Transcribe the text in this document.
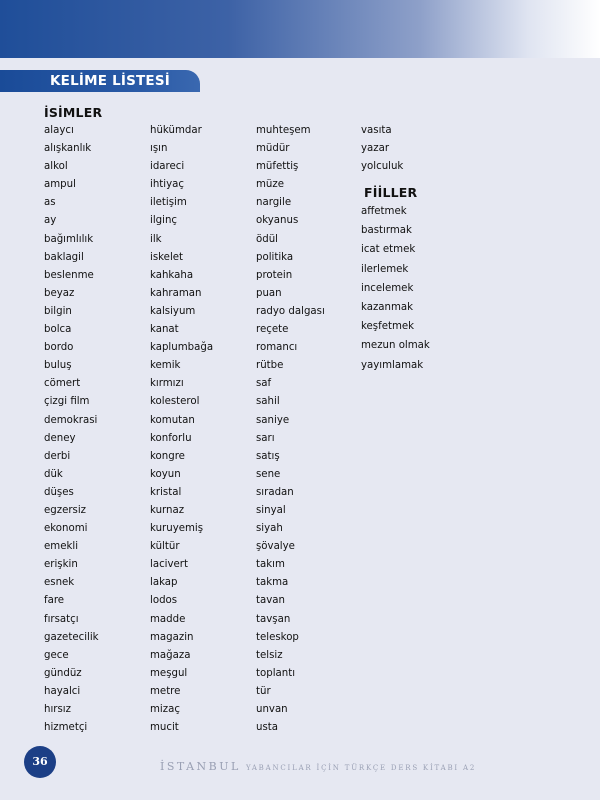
KELİME LİSTESİ
İSİMLER
alaycı
alışkanlık
alkol
ampul
as
ay
bağımlılık
baklagil
beslenme
beyaz
bilgin
bolca
bordo
buluş
cömert
çizgi film
demokrasi
deney
derbi
dük
düşes
egzersiz
ekonomi
emekli
erişkin
esnek
fare
fırsatçı
gazetecilik
gece
gündüz
hayalci
hırsız
hizmetçi
hükümdar
ışın
idareci
ihtiyaç
iletişim
ilginç
ilk
iskelet
kahkaha
kahraman
kalsiyum
kanat
kaplumbağa
kemik
kırmızı
kolesterol
komutan
konforlu
kongre
koyun
kristal
kurnaz
kuruyemiş
kültür
lacivert
lakap
lodos
madde
magazin
mağaza
meşgul
metre
mizaç
mucit
muhteşem
müdür
müfettiş
müze
nargile
okyanus
ödül
politika
protein
puan
radyo dalgası
reçete
romancı
rütbe
saf
sahil
saniye
sarı
satış
sene
sıradan
sinyal
siyah
şövalye
takım
takma
tavan
tavşan
teleskop
telsiz
toplantı
tür
unvan
usta
vasıta
yazar
yolculuk
FİİLLER
affetmek
bastırmak
icat etmek
ilerlemek
incelemek
kazanmak
keşfetmek
mezun olmak
yayımlamak
36	İSTANBUL YABANCILAR İÇİN TÜRKÇE DERS KİTABI A2
